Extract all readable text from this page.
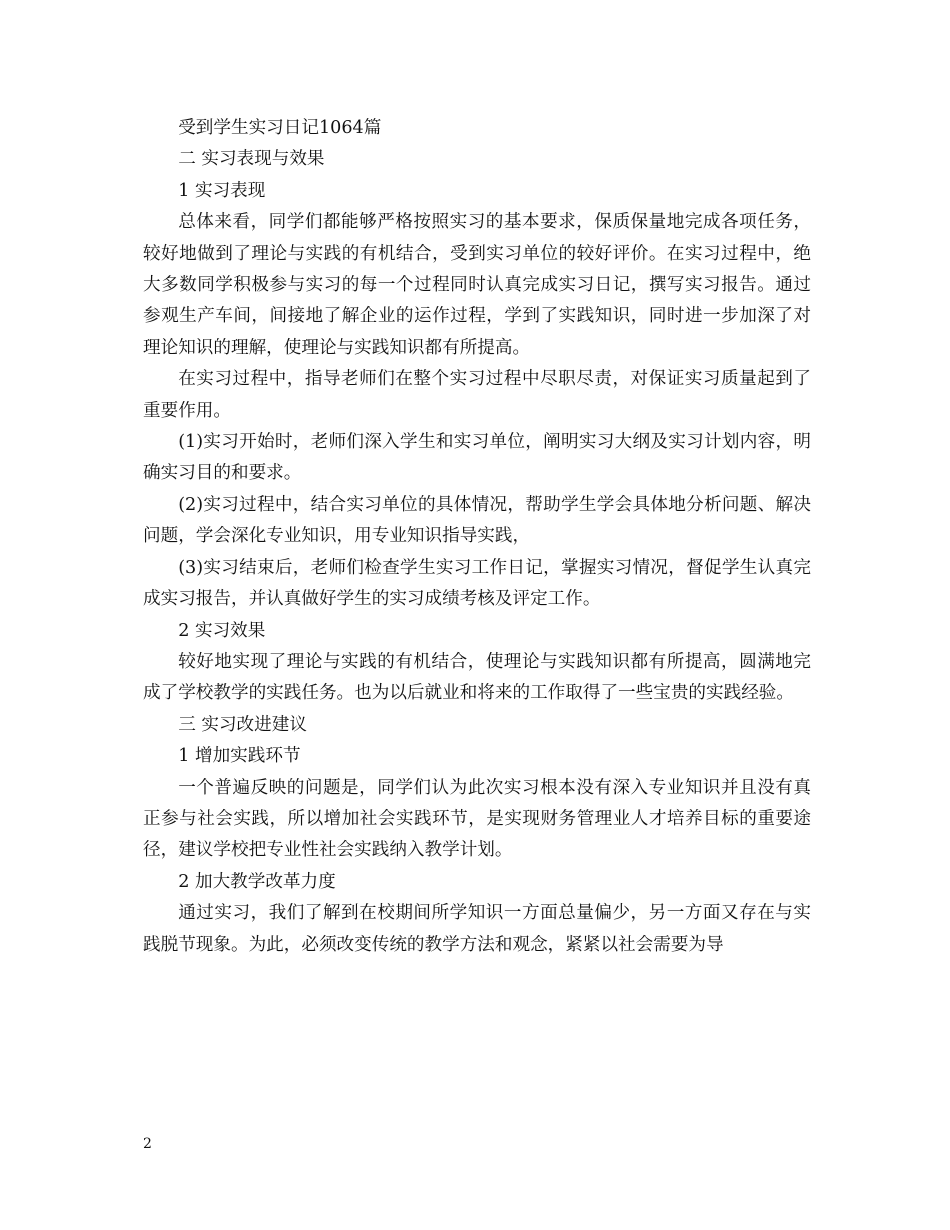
受到学生实习日记1064篇

二 实习表现与效果

1 实习表现

总体来看，同学们都能够严格按照实习的基本要求，保质保量地完成各项任务，较好地做到了理论与实践的有机结合，受到实习单位的较好评价。在实习过程中，绝大多数同学积极参与实习的每一个过程同时认真完成实习日记，撰写实习报告。通过参观生产车间，间接地了解企业的运作过程，学到了实践知识，同时进一步加深了对理论知识的理解，使理论与实践知识都有所提高。

在实习过程中，指导老师们在整个实习过程中尽职尽责，对保证实习质量起到了重要作用。

(1)实习开始时，老师们深入学生和实习单位，阐明实习大纲及实习计划内容，明确实习目的和要求。

(2)实习过程中，结合实习单位的具体情况，帮助学生学会具体地分析问题、解决问题，学会深化专业知识，用专业知识指导实践，

(3)实习结束后，老师们检查学生实习工作日记，掌握实习情况，督促学生认真完成实习报告，并认真做好学生的实习成绩考核及评定工作。

2 实习效果

较好地实现了理论与实践的有机结合，使理论与实践知识都有所提高，圆满地完成了学校教学的实践任务。也为以后就业和将来的工作取得了一些宝贵的实践经验。

三 实习改进建议

1 增加实践环节

一个普遍反映的问题是，同学们认为此次实习根本没有深入专业知识并且没有真正参与社会实践，所以增加社会实践环节，是实现财务管理业人才培养目标的重要途径，建议学校把专业性社会实践纳入教学计划。

2 加大教学改革力度

通过实习，我们了解到在校期间所学知识一方面总量偏少，另一方面又存在与实践脱节现象。为此，必须改变传统的教学方法和观念，紧紧以社会需要为导

2
